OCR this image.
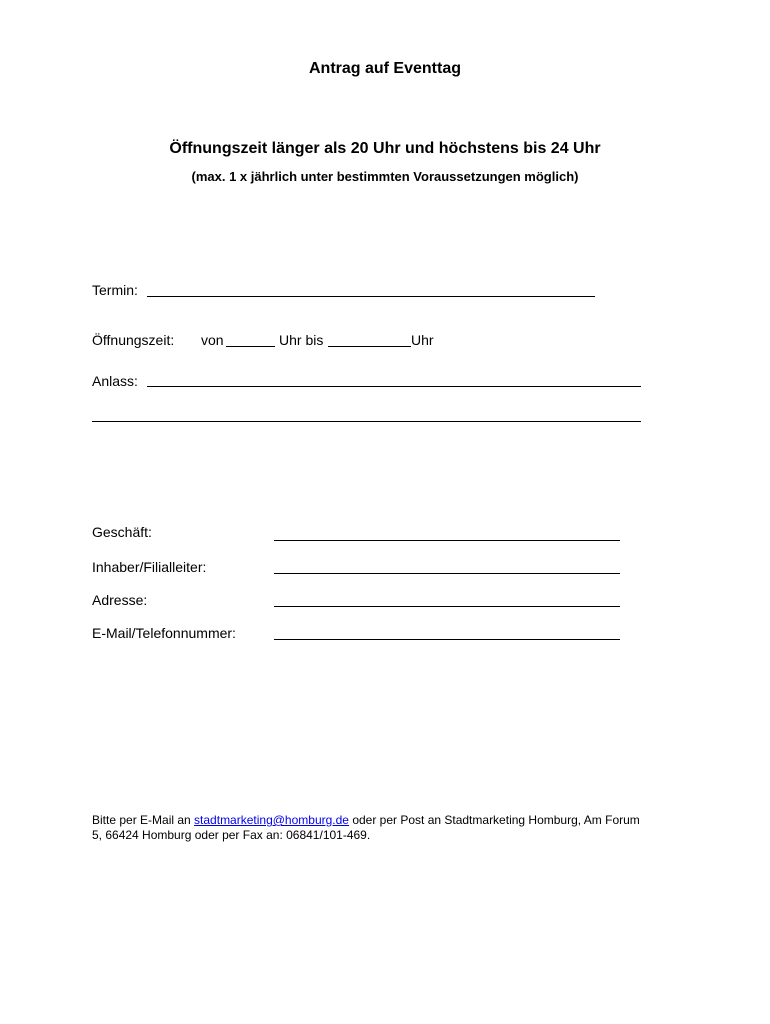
Antrag auf Eventtag
Öffnungszeit länger als 20 Uhr und höchstens bis 24 Uhr
(max. 1 x jährlich unter bestimmten Voraussetzungen möglich)
Termin:
Öffnungszeit: von	Uhr bis	Uhr
Anlass:
Geschäft:
Inhaber/Filialleiter:
Adresse:
E-Mail/Telefonnummer:
Bitte per E-Mail an stadtmarketing@homburg.de oder per Post an Stadtmarketing Homburg, Am Forum 5, 66424 Homburg oder per Fax an: 06841/101-469.
